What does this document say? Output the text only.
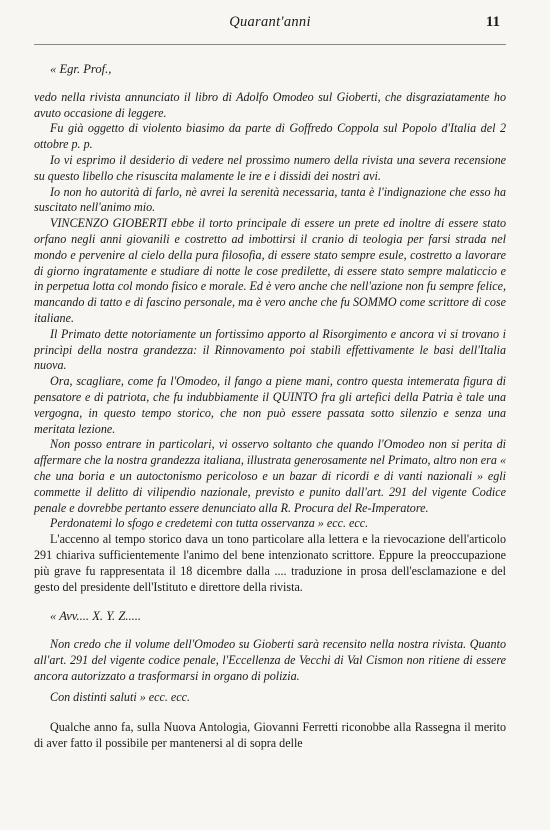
Quarant'anni	11

« Egr. Prof.,

vedo nella rivista annunciato il libro di Adolfo Omodeo sul Gioberti, che disgraziatamente ho avuto occasione di leggere.

Fu già oggetto di violento biasimo da parte di Goffredo Coppola sul Popolo d'Italia del 2 ottobre p. p.

Io vi esprimo il desiderio di vedere nel prossimo numero della rivista una severa recensione su questo libello che risuscita malamente le ire e i dissidi dei nostri avi.

Io non ho autorità di farlo, nè avrei la serenità necessaria, tanta è l'indignazione che esso ha suscitato nell'animo mio.

VINCENZO GIOBERTI ebbe il torto principale di essere un prete ed inoltre di essere stato orfano negli anni giovanili e costretto ad imbottirsi il cranio di teologia per farsi strada nel mondo e pervenire al cielo della pura filosofia, di essere stato sempre esule, costretto a lavorare di giorno ingratamente e studiare di notte le cose predilette, di essere stato sempre malaticcio e in perpetua lotta col mondo fisico e morale. Ed è vero anche che nell'azione non fu sempre felice, mancando di tatto e di fascino personale, ma è vero anche che fu SOMMO come scrittore di cose italiane.

Il Primato dette notoriamente un fortissimo apporto al Risorgimento e ancora vi si trovano i princìpi della nostra grandezza: il Rinnovamento poi stabilì effettivamente le basi dell'Italia nuova.

Ora, scagliare, come fa l'Omodeo, il fango a piene mani, contro questa intemerata figura di pensatore e di patriota, che fu indubbiamente il QUINTO fra gli artefici della Patria è tale una vergogna, in questo tempo storico, che non può essere passata sotto silenzio e senza una meritata lezione.

Non posso entrare in particolari, vi osservo soltanto che quando l'Omodeo non si perita di affermare che la nostra grandezza italiana, illustrata generosamente nel Primato, altro non era « che una boria e un autoctonismo pericoloso e un bazar di ricordi e di vanti nazionali » egli commette il delitto di vilipendio nazionale, previsto e punito dall'art. 291 del vigente Codice penale e dovrebbe pertanto essere denunciato alla R. Procura del Re-Imperatore.

Perdonatemi lo sfogo e credetemi con tutta osservanza » ecc. ecc.

L'accenno al tempo storico dava un tono particolare alla lettera e la rievocazione dell'articolo 291 chiariva sufficientemente l'animo del bene intenzionato scrittore. Eppure la preoccupazione più grave fu rappresentata il 18 dicembre dalla .... traduzione in prosa dell'esclamazione e del gesto del presidente dell'Istituto e direttore della rivista.

« Avv.... X. Y. Z.....

Non credo che il volume dell'Omodeo su Gioberti sarà recensito nella nostra rivista. Quanto all'art. 291 del vigente codice penale, l'Eccellenza de Vecchi di Val Cismon non ritiene di essere ancora autorizzato a trasformarsi in organo di polizia.

Con distinti saluti » ecc. ecc.

Qualche anno fa, sulla Nuova Antologia, Giovanni Ferretti riconobbe alla Rassegna il merito di aver fatto il possibile per mantenersi al di sopra delle
